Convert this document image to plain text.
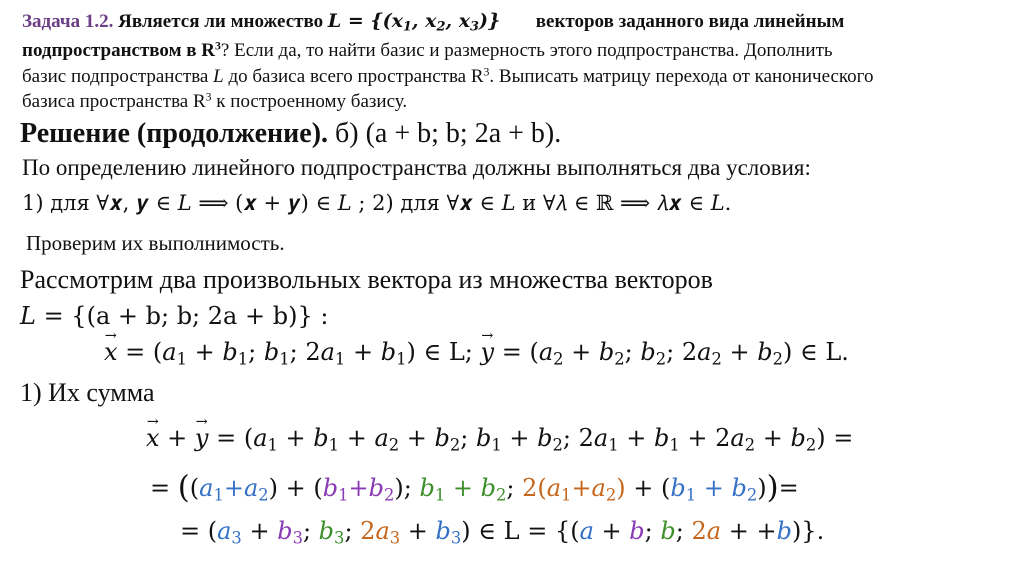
Задача 1.2. Является ли множество $L = \{(x_1$, $x_2$, $x_3$)} векторов заданного вида линейным
подпространством в $R^3$? Если да, то найти базис и размерность этого подпространства. Дополнить
базис подпространства L до базиса всего пространства $R^3$. Выписать матрицу перехода от канонического
базиса пространства $R^3$ к построенному базису.
Решение (продолжение). б) (a + b; b; 2a + b).
По определению линейного подпространства должны выполняться два условия:
1) для ∀𝒙, 𝒚 ∈ 𝐿 ⟹ (𝒙 + 𝒚) ∈ 𝐿 ; 2) для ∀𝒙 ∈ 𝐿 и ∀𝜆 ∈ ℝ ⟹ 𝜆𝒙 ∈ 𝐿.
Проверим их выполнимость.
Рассмотрим два произвольных вектора из множества векторов
𝐿 = {(a + b; b; 2a + b)} :
→ $x = (a_1 + b_1$; $b_1$; $2a_1 + b_1$) ∈ L; → $y = (a_2 + b_2$; $b_2$; $2a_2 + b_2$) ∈ L.
1) Их сумма
→ x + → $y = (a_1 + b_1 + a_2 + b_2$; $b_1 + b_2$; $2a_1 + b_1 + 2a_2 + b_2$) =
= ($(a_1+a_2) + (b_1+b_2)$; $b_1 + b_2$; $2(a_1+a_2) + (b_1 + b_2))=$
= ($a_3 + b_3$; $b_3$; $2a_3 + b_3$) ∈ L = {(a + b; b; 2a + +b)}.
